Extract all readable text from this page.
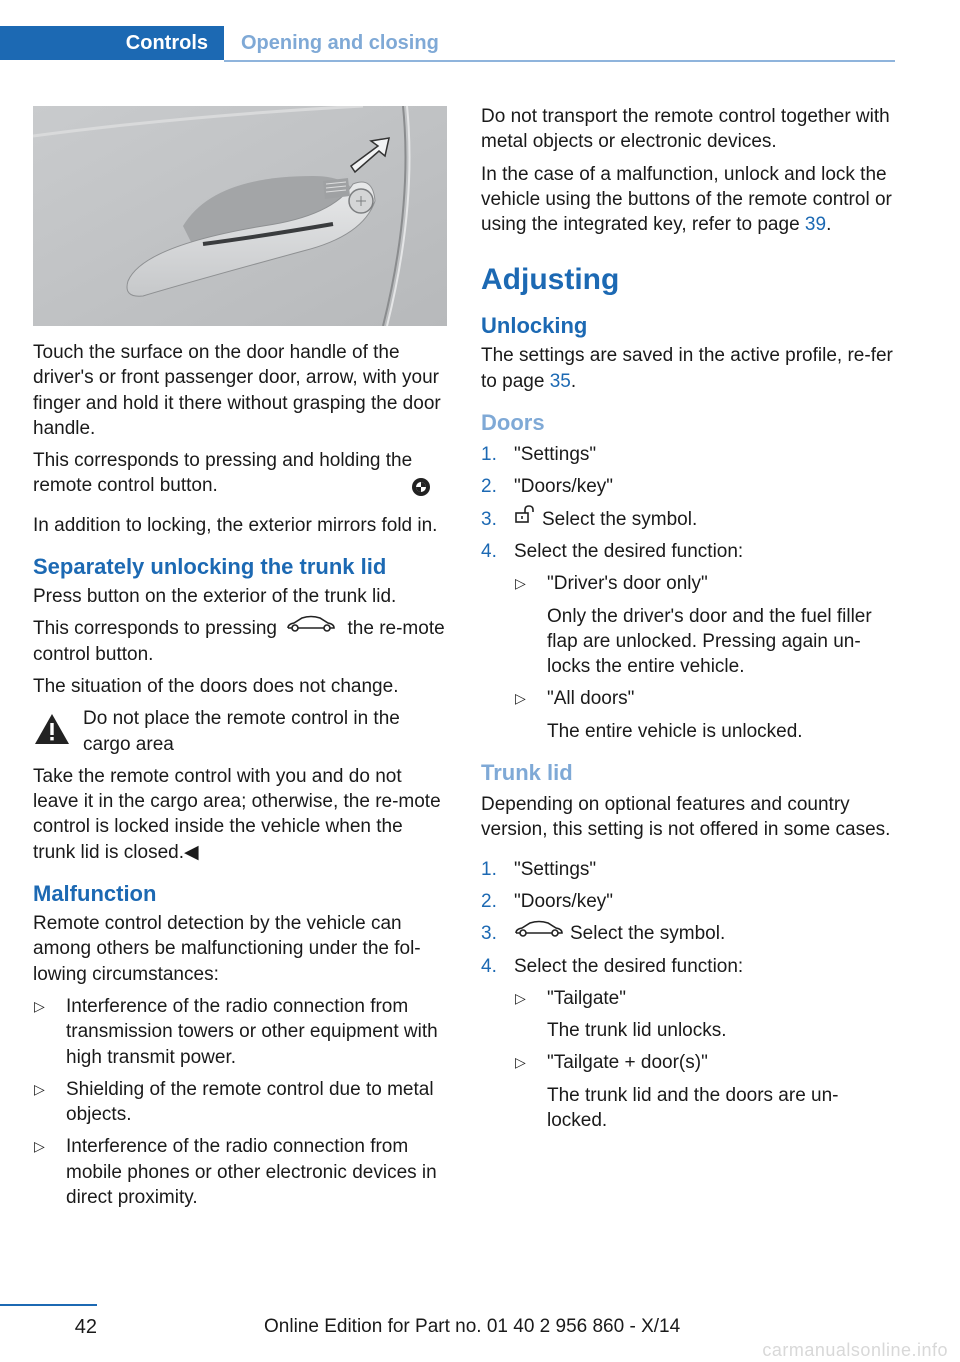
Controls	Opening and closing

Touch the surface on the door handle of the driver's or front passenger door, arrow, with your finger and hold it there without grasping the door handle.

This corresponds to pressing and holding the remote control button.

In addition to locking, the exterior mirrors fold in.

Separately unlocking the trunk lid

Press button on the exterior of the trunk lid.

This corresponds to pressing	the re‐mote control button.

The situation of the doors does not change.

Do not place the remote control in the cargo area

Take the remote control with you and do not leave it in the cargo area; otherwise, the re‐mote control is locked inside the vehicle when the trunk lid is closed.◀

Malfunction

Remote control detection by the vehicle can among others be malfunctioning under the fol‐lowing circumstances:

▷ Interference of the radio connection from transmission towers or other equipment with high transmit power.
▷ Shielding of the remote control due to metal objects.
▷ Interference of the radio connection from mobile phones or other electronic devices in direct proximity.

Do not transport the remote control together with metal objects or electronic devices.

In the case of a malfunction, unlock and lock the vehicle using the buttons of the remote control or using the integrated key, refer to page 39.

Adjusting
Unlocking

The settings are saved in the active profile, re‐fer to page 35.

Doors
1. "Settings"
2. "Doors/key"
3. Select the symbol.
4. Select the desired function:
▷ "Driver's door only"
Only the driver's door and the fuel filler flap are unlocked. Pressing again un‐locks the entire vehicle.
▷ "All doors"
The entire vehicle is unlocked.
Trunk lid

Depending on optional features and country version, this setting is not offered in some cases.

1. "Settings"
2. "Doors/key"
3.	Select the symbol.
4. Select the desired function:
▷ "Tailgate"
The trunk lid unlocks.
▷ "Tailgate + door(s)"
The trunk lid and the doors are un‐locked.
42	Online Edition for Part no. 01 40 2 956 860 - X/14
carmanualsonline.info
